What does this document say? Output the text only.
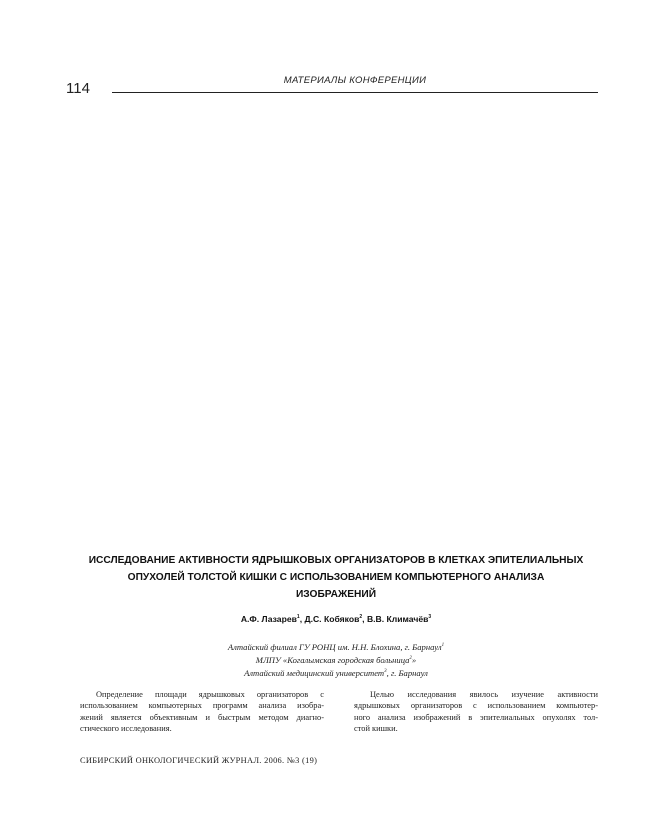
114	МАТЕРИАЛЫ КОНФЕРЕНЦИИ
ИССЛЕДОВАНИЕ АКТИВНОСТИ ЯДРЫШКОВЫХ ОРГАНИЗАТОРОВ В КЛЕТКАХ ЭПИТЕЛИАЛЬНЫХ
ОПУХОЛЕЙ ТОЛСТОЙ КИШКИ С ИСПОЛЬЗОВАНИЕМ КОМПЬЮТЕРНОГО АНАЛИЗА
ИЗОБРАЖЕНИЙ
А.Ф. Лазарев$^1$, Д.С. Кобяков$^2$, В.В. Климачёв$^3$
Алтайский филиал ГУ РОНЦ им. Н.Н. Блохина, г. Барнаул$^1$
МЛПУ «Когалымская городская больница$^2$»
Алтайский медицинский университет$^3$, г. Барнаул
Определение площади ядрышковых организаторов с
использованием компьютерных программ анализа изобра-
жений является объективным и быстрым методом диагно-
стического исследования.
Целью исследования явилось изучение активности
ядрышковых организаторов с использованием компьютер-
ного анализа изображений в эпителиальных опухолях тол-
стой кишки.
СИБИРСКИЙ ОНКОЛОГИЧЕСКИЙ ЖУРНАЛ. 2006. №3 (19)
